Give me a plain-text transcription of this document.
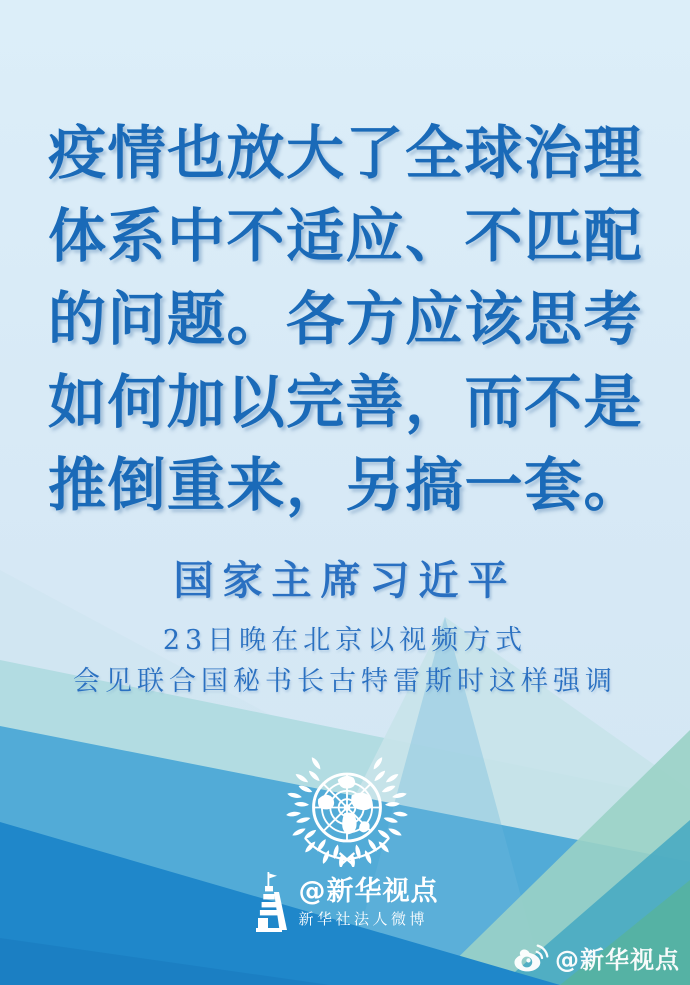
疫情也放大了全球治理
体系中不适应、不匹配
的问题。各方应该思考
如何加以完善，而不是
推倒重来，另搞一套。
国家主席习近平
23日晚在北京以视频方式
会见联合国秘书长古特雷斯时这样强调
@新华视点
新华社法人微博
@新华视点
